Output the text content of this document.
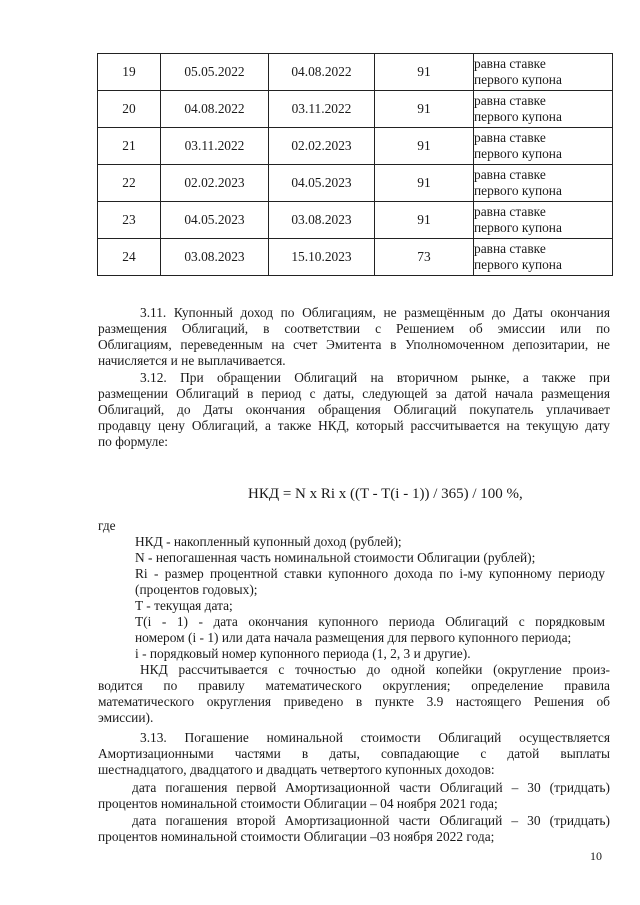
19	05.05.2022	04.08.2022	91	равна ставке
первого купона

20	04.08.2022	03.11.2022	91	равна ставке
первого купона

21	03.11.2022	02.02.2023	91	равна ставке
первого купона

22	02.02.2023	04.05.2023	91	равна ставке
первого купона

23	04.05.2023	03.08.2023	91	равна ставке
первого купона

24	03.08.2023	15.10.2023	73	равна ставке
первого купона
3.11. Купонный доход по Облигациям, не размещённым до Даты окончания
размещения Облигаций, в соответствии с Решением об эмиссии или по
Облигациям, переведенным на счет Эмитента в Уполномоченном депозитарии, не
начисляется и не выплачивается.
3.12. При обращении Облигаций на вторичном рынке, а также при
размещении Облигаций в период с даты, следующей за датой начала размещения
Облигаций, до Даты окончания обращения Облигаций покупатель уплачивает
продавцу цену Облигаций, а также НКД, который рассчитывается на текущую дату
по формуле:
НКД = N x Ri x ((T - T(i - 1)) / 365) / 100 %,
где
НКД - накопленный купонный доход (рублей);
N - непогашенная часть номинальной стоимости Облигации (рублей);
Ri - размер процентной ставки купонного дохода по i-му купонному периоду
(процентов годовых);
T - текущая дата;
T(i - 1) - дата окончания купонного периода Облигаций с порядковым
номером (i - 1) или дата начала размещения для первого купонного периода;
i - порядковый номер купонного периода (1, 2, 3 и другие).
НКД рассчитывается с точностью до одной копейки (округление произ-
водится по правилу математического округления; определение правила
математического округления приведено в пункте 3.9 настоящего Решения об
эмиссии).
3.13. Погашение номинальной стоимости Облигаций осуществляется
Амортизационными частями в даты, совпадающие с датой выплаты
шестнадцатого, двадцатого и двадцать четвертого купонных доходов:
дата погашения первой Амортизационной части Облигаций – 30 (тридцать)
процентов номинальной стоимости Облигации – 04 ноября 2021 года;
дата погашения второй Амортизационной части Облигаций – 30 (тридцать)
процентов номинальной стоимости Облигации –03 ноября 2022 года;
10
